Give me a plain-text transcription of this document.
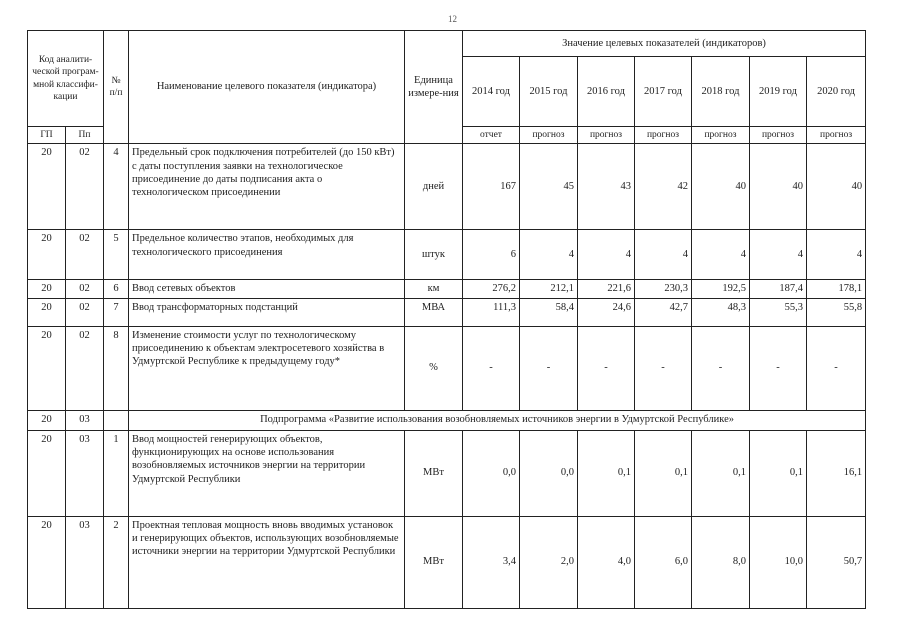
12
Код аналити-ческой програм-мной классифи-кации		№ п/п	Наименование целевого показателя (индикатора)	Единица измере-ния	Значение целевых показателей (индикаторов)						
					2014 год	2015 год	2016 год	2017 год	2018 год	2019 год	2020 год
ГП	Пп				отчет	прогноз	прогноз	прогноз	прогноз	прогноз	прогноз
20	02	4	Предельный срок подключения потребителей (до 150 кВт) с даты поступления заявки на технологическое присоединение до даты подписания акта о технологическом присоединении	дней	167	45	43	42	40	40	40
20	02	5	Предельное количество этапов, необходимых для технологического присоединения	штук	6	4	4	4	4	4	4
20	02	6	Ввод сетевых объектов	км	276,2	212,1	221,6	230,3	192,5	187,4	178,1
20	02	7	Ввод трансформаторных подстанций	МВА	111,3	58,4	24,6	42,7	48,3	55,3	55,8
20	02	8	Изменение стоимости услуг по технологическому присоединению к объектам электросетевого хозяйства в Удмуртской Республике к предыдущему году*	%	-	-	-	-	-	-	-
20	03		Подпрограмма «Развитие использования возобновляемых источников энергии в Удмуртской Республике»								
20	03	1	Ввод мощностей генерирующих объектов, функционирующих на основе использования возобновляемых источников энергии на территории Удмуртской Республики	МВт	0,0	0,0	0,1	0,1	0,1	0,1	16,1
20	03	2	Проектная тепловая мощность вновь вводимых установок и генерирующих объектов, использующих возобновляемые источники энергии на территории Удмуртской Республики	МВт	3,4	2,0	4,0	6,0	8,0	10,0	50,7
